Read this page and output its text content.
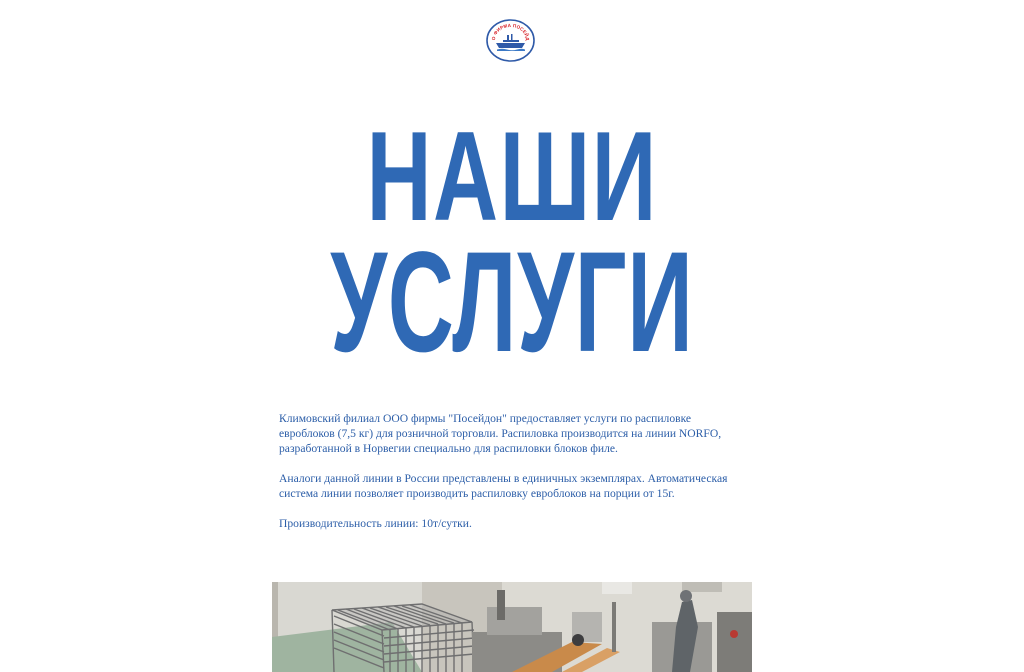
О ФИРМА ПОСЕЙД
НАШИ
УСЛУГИ

Климовский филиал ООО фирмы "Посейдон" предоставляет услуги по распиловке евроблоков (7,5 кг) для розничной торговли. Распиловка производится на линии NORFO, разработанной в Норвегии специально для распиловки блоков филе.

Аналоги данной линии в России представлены в единичных экземплярах. Автоматическая система линии позволяет производить распиловку евроблоков на порции от 15г.

Производительность линии: 10т/сутки.
